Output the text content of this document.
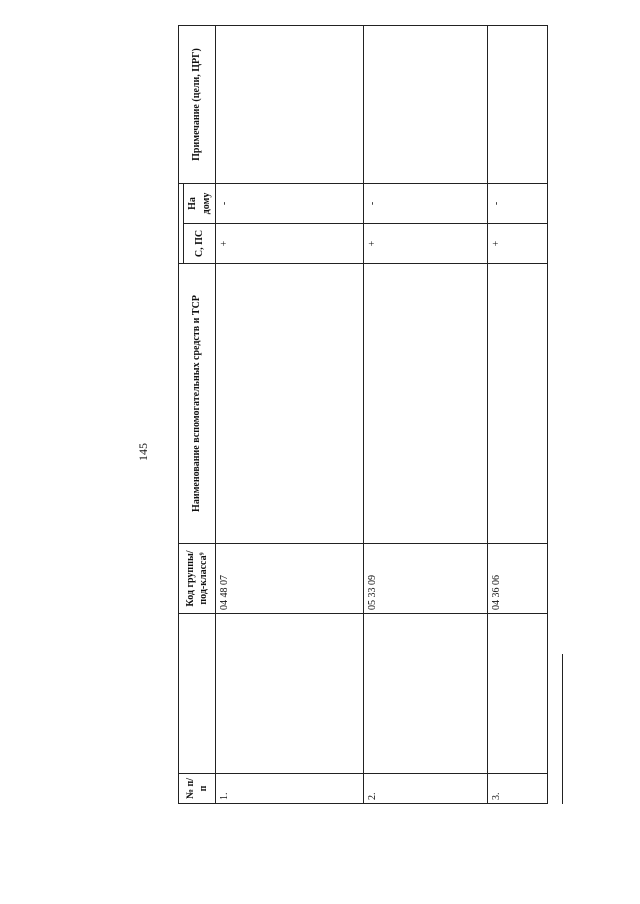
145
№ п/п		Код группы/под-класса⁹	Наименование вспомогательных средств и ТСР			Примечание (цели, ЦРГ)
				С, ПС	На дому	
1.		04 48 07		+	-	
2.		05 33 09		+	-	
3.		04 36 06		+	-	
